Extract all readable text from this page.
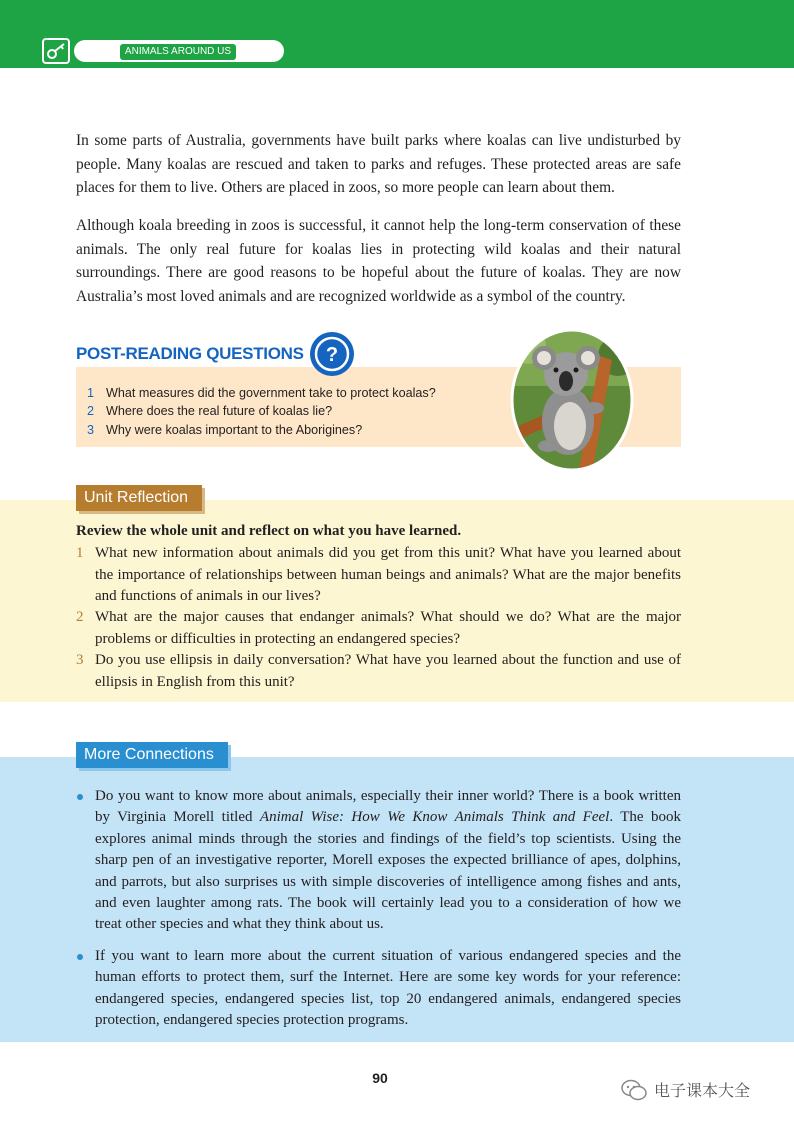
UNIT 5
ANIMALS AROUND US

In some parts of Australia, governments have built parks where koalas can live undisturbed by people. Many koalas are rescued and taken to parks and refuges. These protected areas are safe places for them to live. Others are placed in zoos, so more people can learn about them.

Although koala breeding in zoos is successful, it cannot help the long-term conservation of these animals. The only real future for koalas lies in protecting wild koalas and their natural surroundings. There are good reasons to be hopeful about the future of koalas. They are now Australia’s most loved animals and are recognized worldwide as a symbol of the country.

POST-READING QUESTIONS ?
1 What measures did the government take to protect koalas?
2 Where does the real future of koalas lie?
3 Why were koalas important to the Aborigines?
Unit Reflection
Review the whole unit and reflect on what you have learned.
1 What new information about animals did you get from this unit? What have you learned about the importance of relationships between human beings and animals? What are the major benefits and functions of animals in our lives?
2 What are the major causes that endanger animals? What should we do? What are the major problems or difficulties in protecting an endangered species?
3 Do you use ellipsis in daily conversation? What have you learned about the function and use of ellipsis in English from this unit?
More Connections
Do you want to know more about animals, especially their inner world? There is a book written by Virginia Morell titled Animal Wise: How We Know Animals Think and Feel. The book explores animal minds through the stories and findings of the field’s top scientists. Using the sharp pen of an investigative reporter, Morell exposes the expected brilliance of apes, dolphins, and parrots, but also surprises us with simple discoveries of intelligence among fishes and ants, and even laughter among rats. The book will certainly lead you to a consideration of how we treat other species and what they think about us.
If you want to learn more about the current situation of various endangered species and the human efforts to protect them, surf the Internet. Here are some key words for your reference: endangered species, endangered species list, top 20 endangered animals, endangered species protection, endangered species protection programs.
90
电子课本大全
